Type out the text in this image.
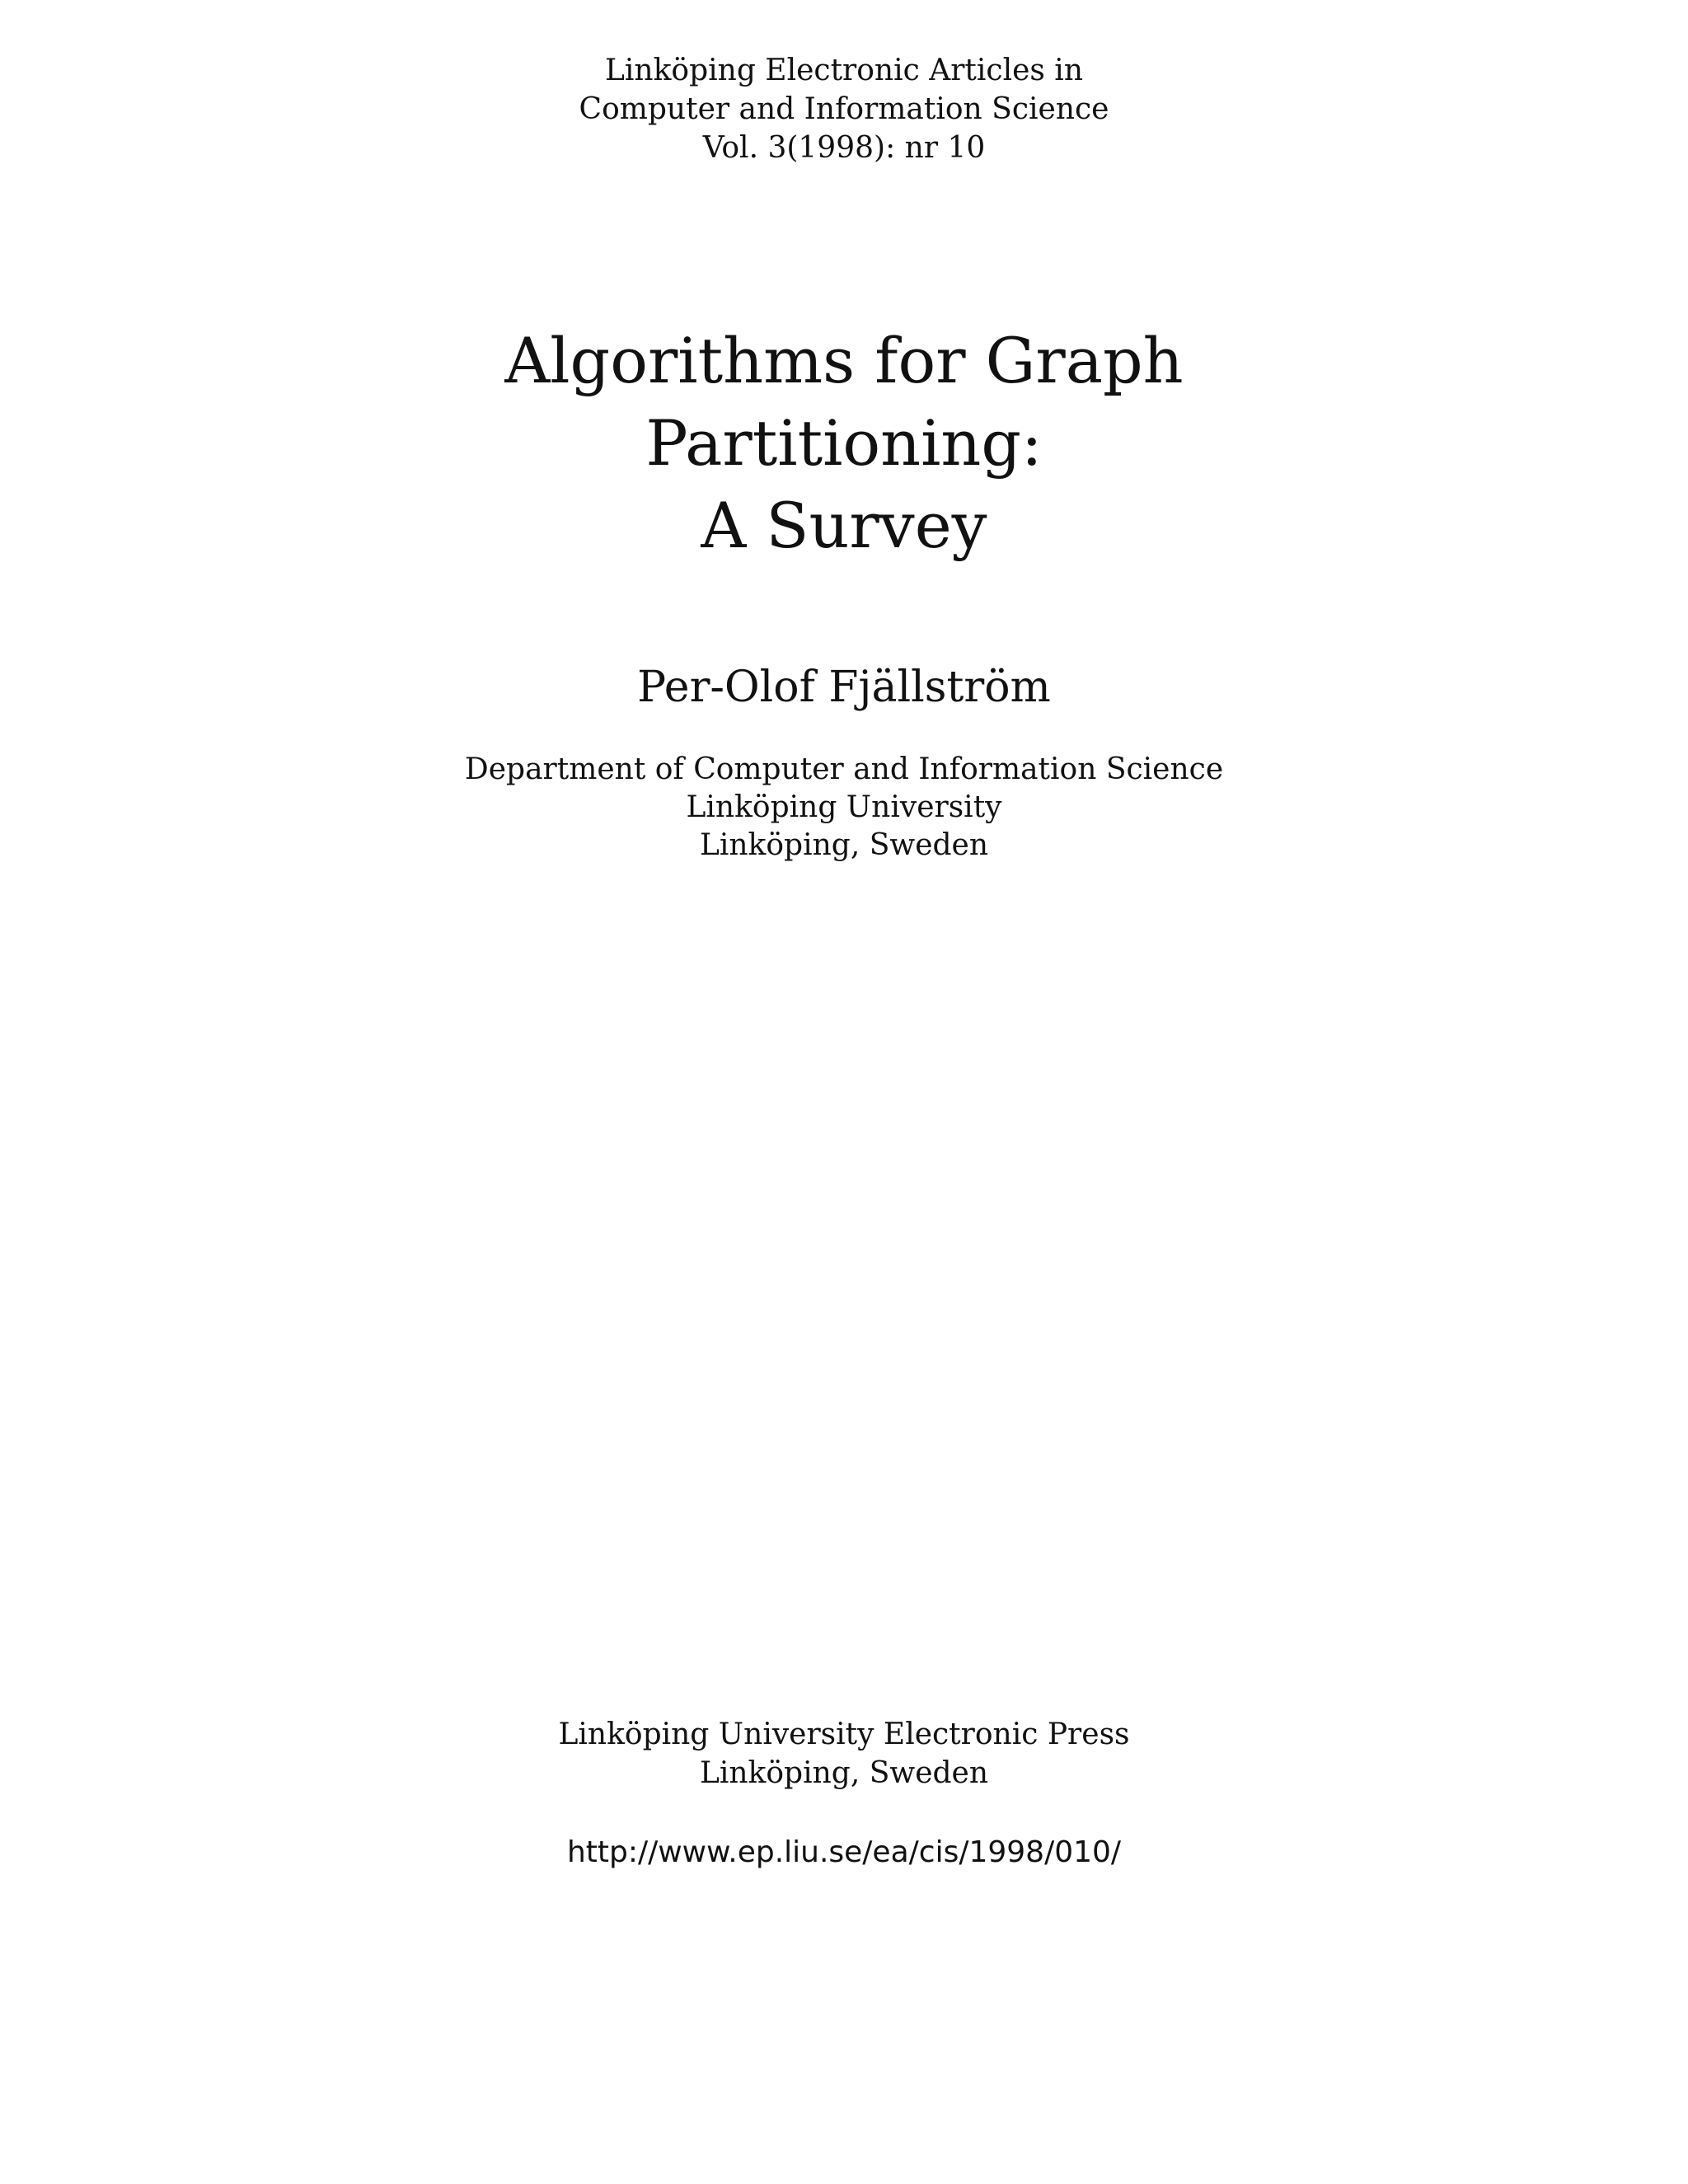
Linköping Electronic Articles in
Computer and Information Science
Vol. 3(1998): nr 10
Algorithms for Graph
Partitioning:
A Survey
Per-Olof Fjällström
Department of Computer and Information Science
Linköping University
Linköping, Sweden
Linköping University Electronic Press
Linköping, Sweden
http://www.ep.liu.se/ea/cis/1998/010/
